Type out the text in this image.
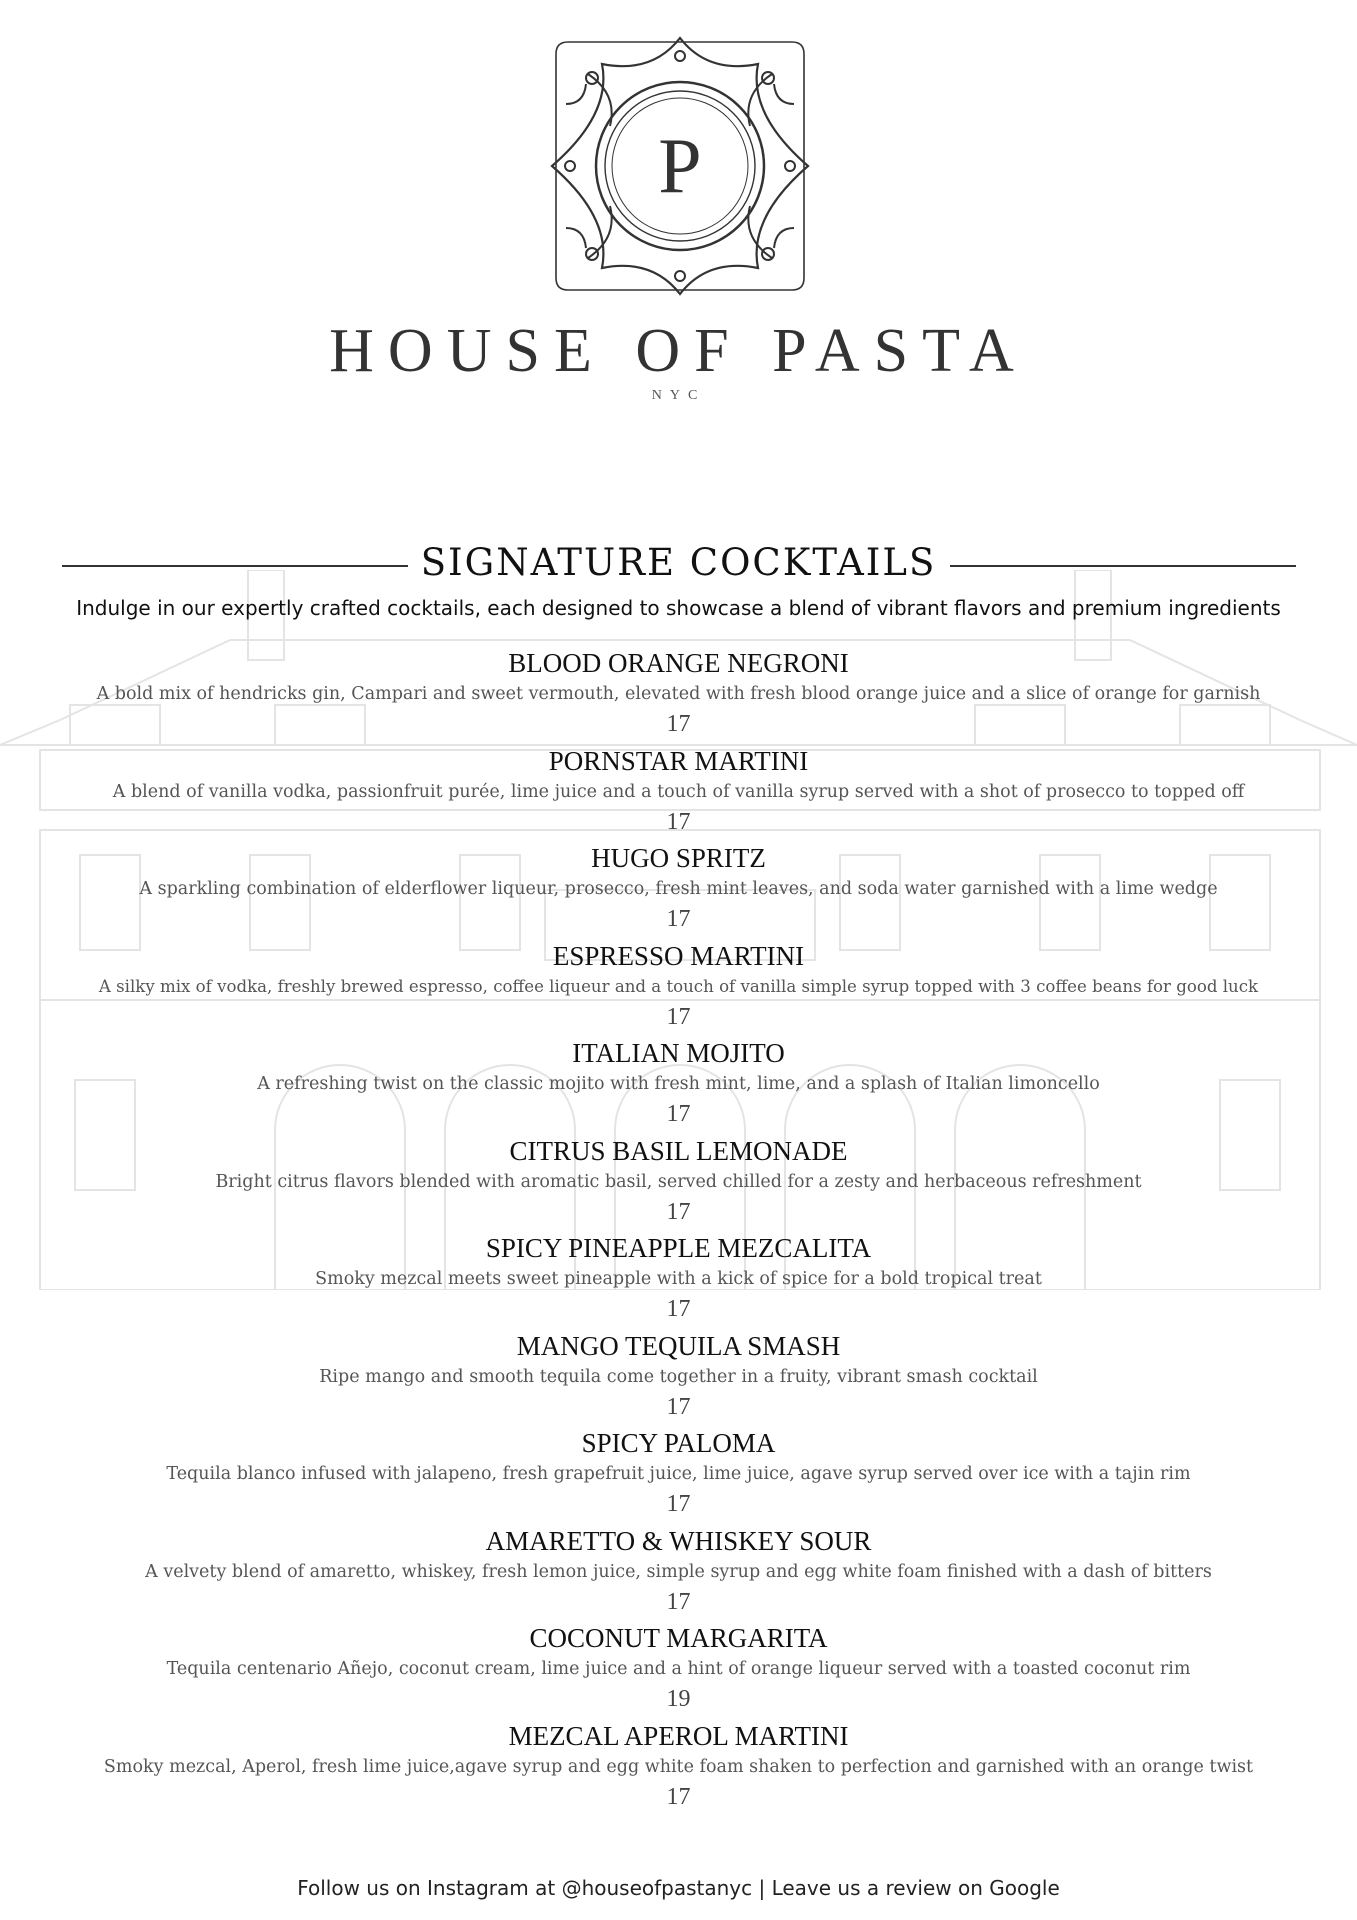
P
HOUSE OF PASTA
NYC
SIGNATURE COCKTAILS
Indulge in our expertly crafted cocktails, each designed to showcase a blend of vibrant flavors and premium ingredients
BLOOD ORANGE NEGRONI
A bold mix of hendricks gin, Campari and sweet vermouth, elevated with fresh blood orange juice and a slice of orange for garnish
17
PORNSTAR MARTINI
A blend of vanilla vodka, passionfruit purée, lime juice and a touch of vanilla syrup served with a shot of prosecco to topped off
17
HUGO SPRITZ
A sparkling combination of elderflower liqueur, prosecco, fresh mint leaves, and soda water garnished with a lime wedge
17
ESPRESSO MARTINI
A silky mix of vodka, freshly brewed espresso, coffee liqueur and a touch of vanilla simple syrup topped with 3 coffee beans for good luck
17
ITALIAN MOJITO
A refreshing twist on the classic mojito with fresh mint, lime, and a splash of Italian limoncello
17
CITRUS BASIL LEMONADE
Bright citrus flavors blended with aromatic basil, served chilled for a zesty and herbaceous refreshment
17
SPICY PINEAPPLE MEZCALITA
Smoky mezcal meets sweet pineapple with a kick of spice for a bold tropical treat
17
MANGO TEQUILA SMASH
Ripe mango and smooth tequila come together in a fruity, vibrant smash cocktail
17
SPICY PALOMA
Tequila blanco infused with jalapeno, fresh grapefruit juice, lime juice, agave syrup served over ice with a tajin rim
17
AMARETTO & WHISKEY SOUR
A velvety blend of amaretto, whiskey, fresh lemon juice, simple syrup and egg white foam finished with a dash of bitters
17
COCONUT MARGARITA
Tequila centenario Añejo, coconut cream, lime juice and a hint of orange liqueur served with a toasted coconut rim
19
MEZCAL APEROL MARTINI
Smoky mezcal, Aperol, fresh lime juice,agave syrup and egg white foam shaken to perfection and garnished with an orange twist
17
Follow us on Instagram at @houseofpastanyc | Leave us a review on Google
